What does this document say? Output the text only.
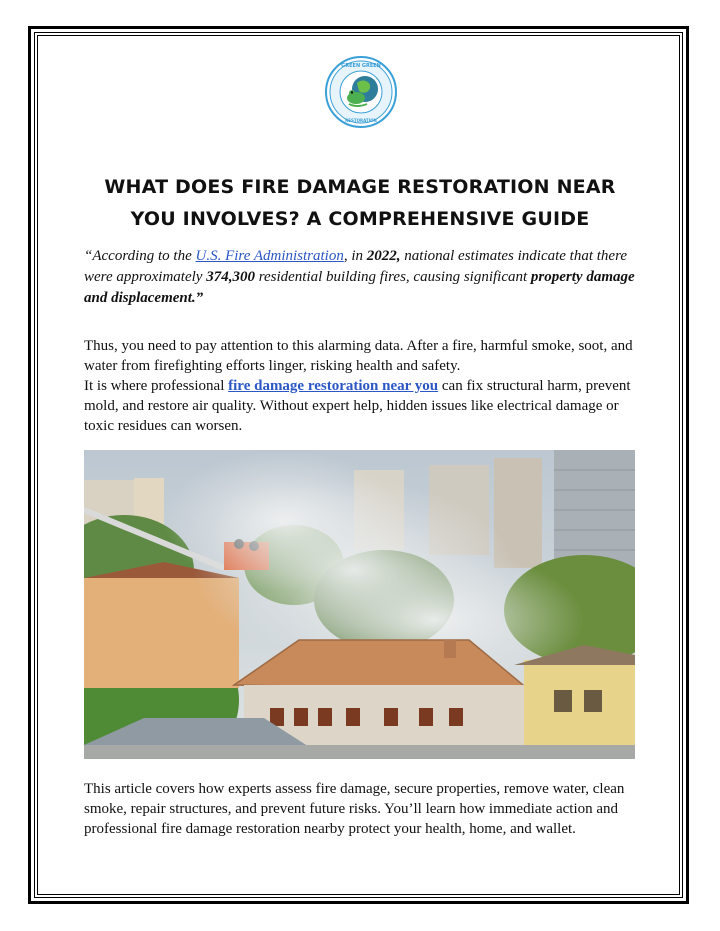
GREEN GREEN
RESTORATION
WHAT DOES FIRE DAMAGE RESTORATION NEAR
YOU INVOLVES? A COMPREHENSIVE GUIDE
“According to the U.S. Fire Administration, in 2022, national estimates indicate that there were approximately 374,300 residential building fires, causing significant property damage and displacement.”
Thus, you need to pay attention to this alarming data. After a fire, harmful smoke, soot, and water from firefighting efforts linger, risking health and safety.
It is where professional fire damage restoration near you can fix structural harm, prevent mold, and restore air quality. Without expert help, hidden issues like electrical damage or toxic residues can worsen.
This article covers how experts assess fire damage, secure properties, remove water, clean smoke, repair structures, and prevent future risks. You’ll learn how immediate action and professional fire damage restoration nearby protect your health, home, and wallet.
